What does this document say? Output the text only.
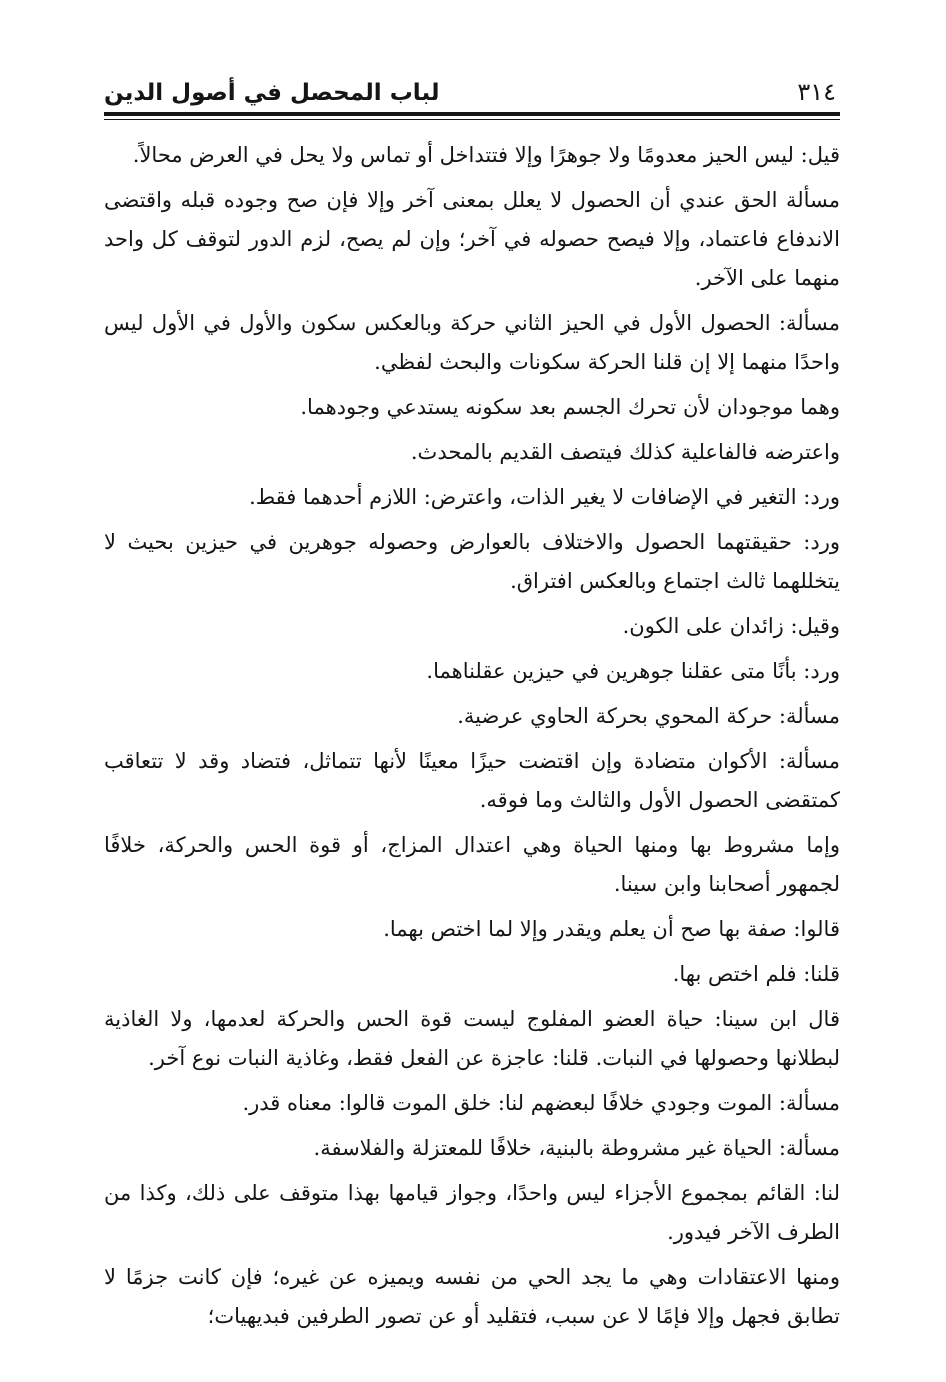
٣١٤
لباب المحصل في أصول الدين

قيل: ليس الحيز معدومًا ولا جوهرًا وإلا فتتداخل أو تماس ولا يحل في العرض محالاً.

مسألة الحق عندي أن الحصول لا يعلل بمعنى آخر وإلا فإن صح وجوده قبله واقتضى الاندفاع فاعتماد، وإلا فيصح حصوله في آخر؛ وإن لم يصح، لزم الدور لتوقف كل واحد منهما على الآخر.

مسألة: الحصول الأول في الحيز الثاني حركة وبالعكس سكون والأول في الأول ليس واحدًا منهما إلا إن قلنا الحركة سكونات والبحث لفظي.

وهما موجودان لأن تحرك الجسم بعد سكونه يستدعي وجودهما.

واعترضه فالفاعلية كذلك فيتصف القديم بالمحدث.

ورد: التغير في الإضافات لا يغير الذات، واعترض: اللازم أحدهما فقط.

ورد: حقيقتهما الحصول والاختلاف بالعوارض وحصوله جوهرين في حيزين بحيث لا يتخللهما ثالث اجتماع وبالعكس افتراق.

وقيل: زائدان على الكون.

ورد: بأنًا متى عقلنا جوهرين في حيزين عقلناهما.

مسألة: حركة المحوي بحركة الحاوي عرضية.

مسألة: الأكوان متضادة وإن اقتضت حيزًا معينًا لأنها تتماثل، فتضاد وقد لا تتعاقب كمتقضى الحصول الأول والثالث وما فوقه.

وإما مشروط بها ومنها الحياة وهي اعتدال المزاج، أو قوة الحس والحركة، خلافًا لجمهور أصحابنا وابن سينا.

قالوا: صفة بها صح أن يعلم ويقدر وإلا لما اختص بهما.

قلنا: فلم اختص بها.

قال ابن سينا: حياة العضو المفلوج ليست قوة الحس والحركة لعدمها، ولا الغاذية لبطلانها وحصولها في النبات. قلنا: عاجزة عن الفعل فقط، وغاذية النبات نوع آخر.

مسألة: الموت وجودي خلافًا لبعضهم لنا: خلق الموت قالوا: معناه قدر.

مسألة: الحياة غير مشروطة بالبنية، خلافًا للمعتزلة والفلاسفة.

لنا: القائم بمجموع الأجزاء ليس واحدًا، وجواز قيامها بهذا متوقف على ذلك، وكذا من الطرف الآخر فيدور.

ومنها الاعتقادات وهي ما يجد الحي من نفسه ويميزه عن غيره؛ فإن كانت جزمًا لا تطابق فجهل وإلا فإمًا لا عن سبب، فتقليد أو عن تصور الطرفين فبديهيات؛
